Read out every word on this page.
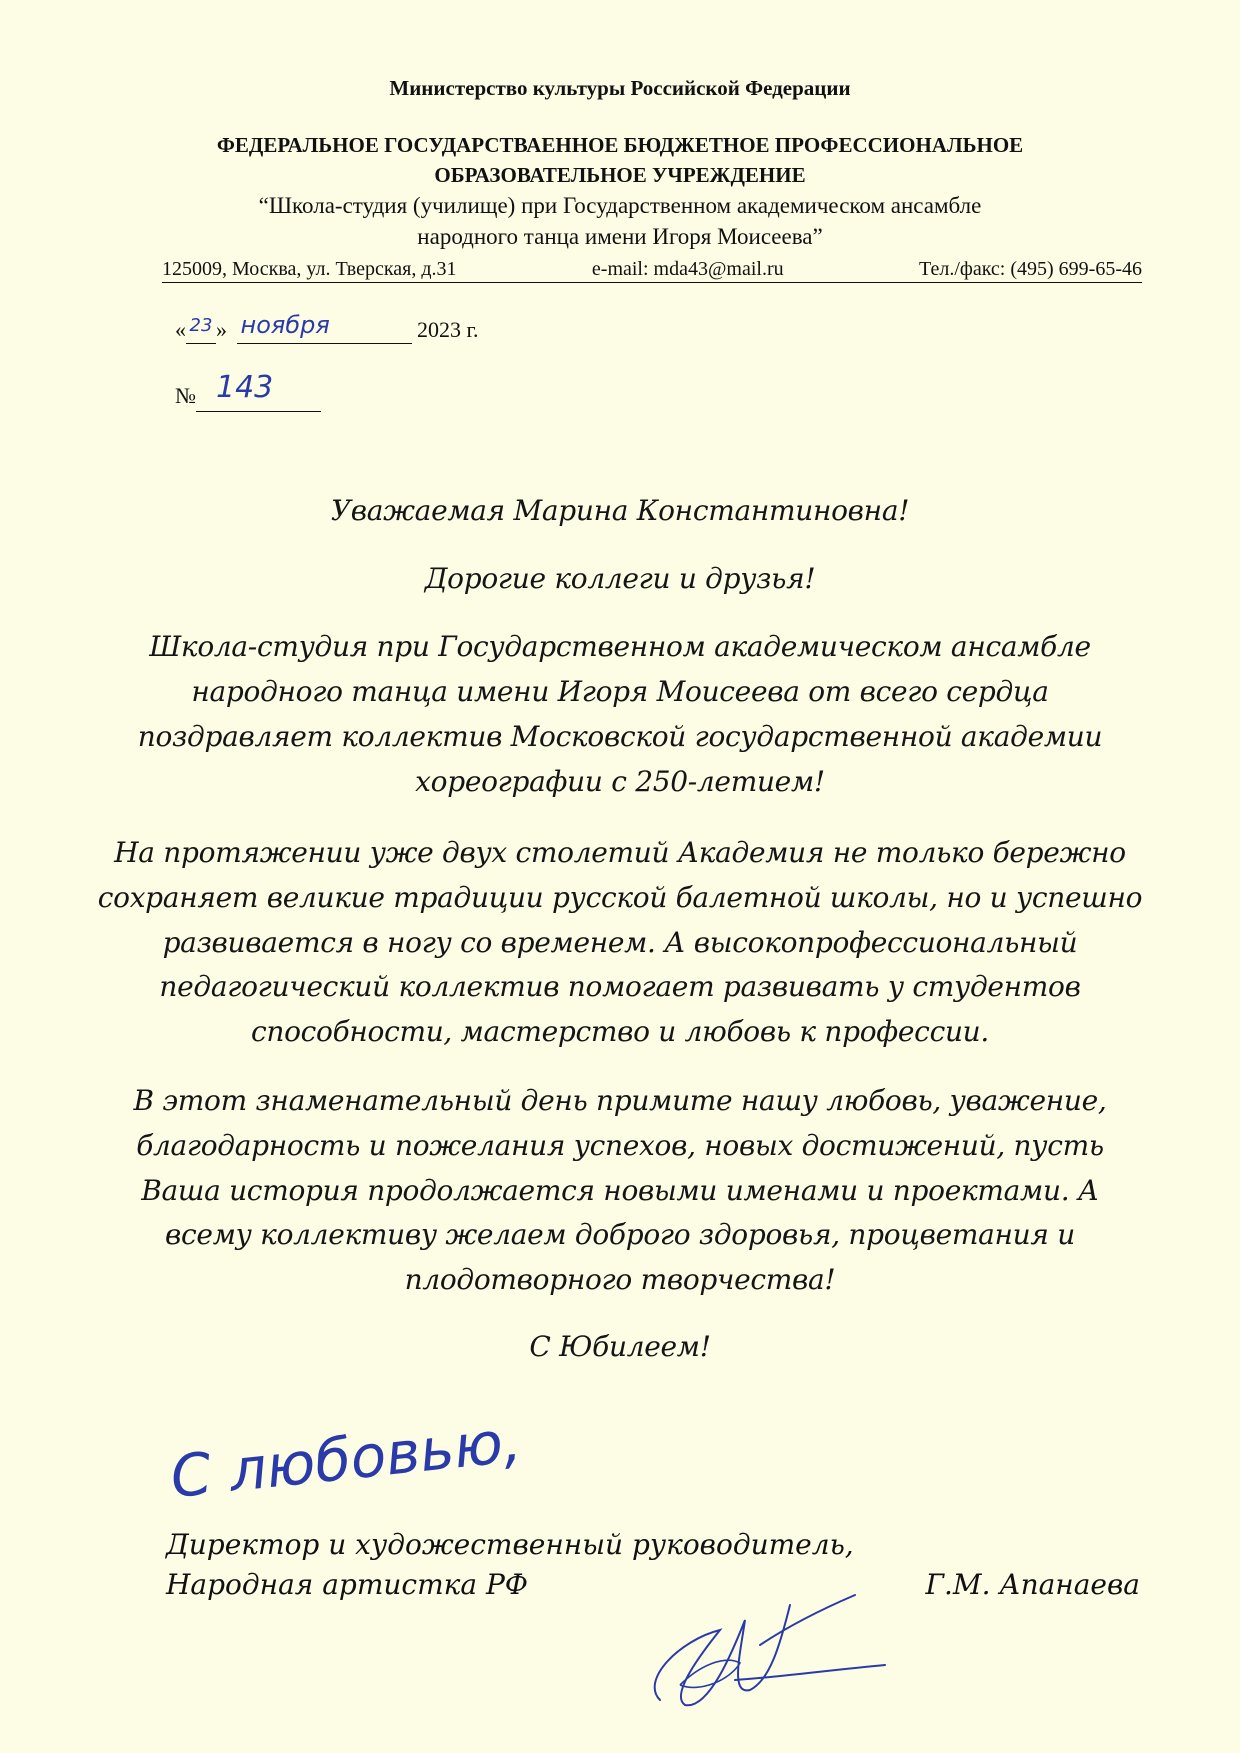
Министерство культуры Российской Федерации
ФЕДЕРАЛЬНОЕ ГОСУДАРСТВАЕННОЕ БЮДЖЕТНОЕ ПРОФЕССИОНАЛЬНОЕ
ОБРАЗОВАТЕЛЬНОЕ УЧРЕЖДЕНИЕ
“Школа-студия (училище) при Государственном академическом ансамбле
народного танца имени Игоря Моисеева”
125009, Москва, ул. Тверская, д.31	e-mail: mda43@mail.ru	Тел./факс: (495) 699-65-46
« $^{23}$ » ноября	2023 г.
№ 143
Уважаемая Марина Константиновна!
Дорогие коллеги и друзья!
Школа-студия при Государственном академическом ансамбле
народного танца имени Игоря Моисеева от всего сердца
поздравляет коллектив Московской государственной академии
хореографии с 250-летием!
На протяжении уже двух столетий Академия не только бережно
сохраняет великие традиции русской балетной школы, но и успешно
развивается в ногу со временем. А высокопрофессиональный
педагогический коллектив помогает развивать у студентов
способности, мастерство и любовь к профессии.
В этот знаменательный день примите нашу любовь, уважение,
благодарность и пожелания успехов, новых достижений, пусть
Ваша история продолжается новыми именами и проектами. А
всему коллективу желаем доброго здоровья, процветания и
плодотворного творчества!
С Юбилеем!
С любовью,
Директор и художественный руководитель,
Народная артистка РФ	Г.М. Апанаева
